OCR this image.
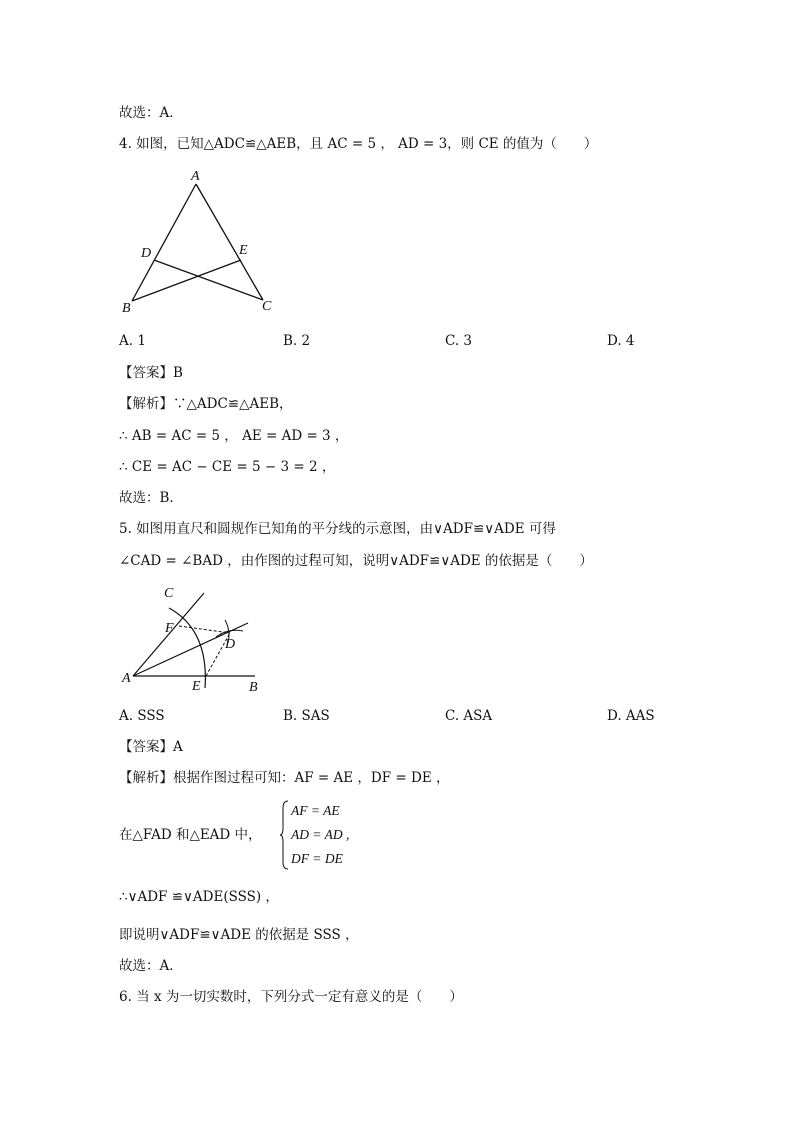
故选：A．
4. 如图，已知△ADC≌△AEB，且 AC = 5 ， AD = 3，则 CE 的值为（　　）
A
B	C
D	E
A. 1	B. 2	C. 3	D. 4
【答案】B
【解析】∵△ADC≌△AEB，
∴ AB = AC = 5 ， AE = AD = 3 ，
∴ CE = AC − CE = 5 − 3 = 2 ，
故选：B．
5. 如图用直尺和圆规作已知角的平分线的示意图，由∨ADF≌∨ADE 可得
∠CAD = ∠BAD ，由作图的过程可知，说明∨ADF≌∨ADE 的依据是（　　）
C
F
D
A
E	B
A. SSS	B. SAS	C. ASA	D. AAS
【答案】A
【解析】根据作图过程可知：AF = AE ，DF = DE ，
在△FAD 和△EAD 中，
AF = AE
AD = AD ,
DF = DE
∴∨ADF ≌∨ADE(SSS) ，
即说明∨ADF≌∨ADE 的依据是 SSS ，
故选：A．
6. 当 x 为一切实数时，下列分式一定有意义的是（　　）
